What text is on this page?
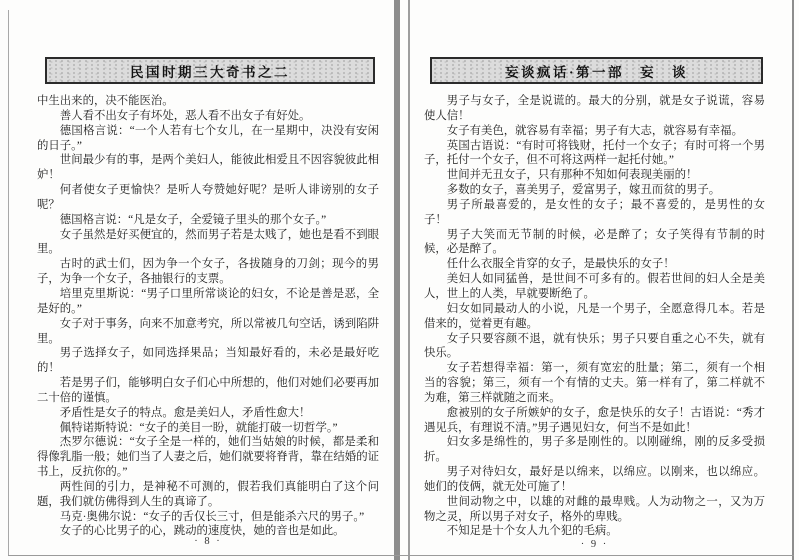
民国时期三大奇书之二

中生出来的，决不能医治。

善人看不出女子有坏处，恶人看不出女子有好处。

德国格言说：“一个人若有七个女儿，在一星期中，决没有安闲的日子。”

世间最少有的事，是两个美妇人，能彼此相爱且不因容貌彼此相妒！

何者使女子更愉快？是听人夸赞她好呢？是听人诽谤别的女子呢？

德国格言说：“凡是女子，全爱镜子里头的那个女子。”

女子虽然是好买便宜的，然而男子若是太贱了，她也是看不到眼里。

古时的武士们，因为争一个女子，各拔随身的刀剑；现今的男子，为争一个女子，各抽银行的支票。

培里克里斯说：“男子口里所常谈论的妇女，不论是善是恶，全是好的。”

女子对于事务，向来不加意考究，所以常被几句空话，诱到陷阱里。

男子选择女子，如同选择果品；当知最好看的，未必是最好吃的！

若是男子们，能够明白女子们心中所想的，他们对她们必要再加二十倍的谨慎。

矛盾性是女子的特点。愈是美妇人，矛盾性愈大！

佩特诺斯特说：“女子的美目一盼，就能打破一切哲学。”

杰罗尔德说：“女子全是一样的，她们当姑娘的时候，都是柔和得像乳脂一般；她们当了人妻之后，她们就要将脊背，靠在结婚的证书上，反抗你的。”

两性间的引力，是神秘不可测的，假若我们真能明白了这个问题，我们就仿佛得到人生的真谛了。

马克·奥佛尔说：“女子的舌仅长三寸，但是能杀六尺的男子。”

女子的心比男子的心，跳动的速度快，她的音也是如此。

· 8 ·
妄谈疯话·第一部　妄　谈

男子与女子，全是说谎的。最大的分别，就是女子说谎，容易使人信！

女子有美色，就容易有幸福；男子有大志，就容易有幸福。

英国古语说：“有时可将钱财，托付一个女子；有时可将一个男子，托付一个女子，但不可将这两样一起托付她。”

世间并无丑女子，只有那种不知如何表现美丽的！

多数的女子，喜美男子，爱富男子，嫁丑而贫的男子。

男子所最喜爱的，是女性的女子；最不喜爱的，是男性的女子！

男子大笑而无节制的时候，必是醉了；女子笑得有节制的时候，必是醉了。

任什么衣服全肯穿的女子，是最快乐的女子！

美妇人如同猛兽，是世间不可多有的。假若世间的妇人全是美人，世上的人类，早就要断绝了。

妇女如同最动人的小说，凡是一个男子，全愿意得几本。若是借来的，觉着更有趣。

女子只要容颜不退，就有快乐；男子只要自重之心不失，就有快乐。

女子若想得幸福：第一，须有宽宏的肚量；第二，须有一个相当的容貌；第三，须有一个有情的丈夫。第一样有了，第二样就不为难，第三样就随之而来。

愈被别的女子所嫉妒的女子，愈是快乐的女子！古语说：“秀才遇见兵，有理说不清。”男子遇见妇女，何当不是如此！

妇女多是绵性的，男子多是刚性的。以刚碰绵，刚的反多受损折。

男子对待妇女，最好是以绵来，以绵应。以刚来，也以绵应。她们的伎俩，就无处可施了！

世间动物之中，以雄的对雌的最卑贱。人为动物之一，又为万物之灵，所以男子对女子，格外的卑贱。

不知足是十个女人九个犯的毛病。

· 9 ·
